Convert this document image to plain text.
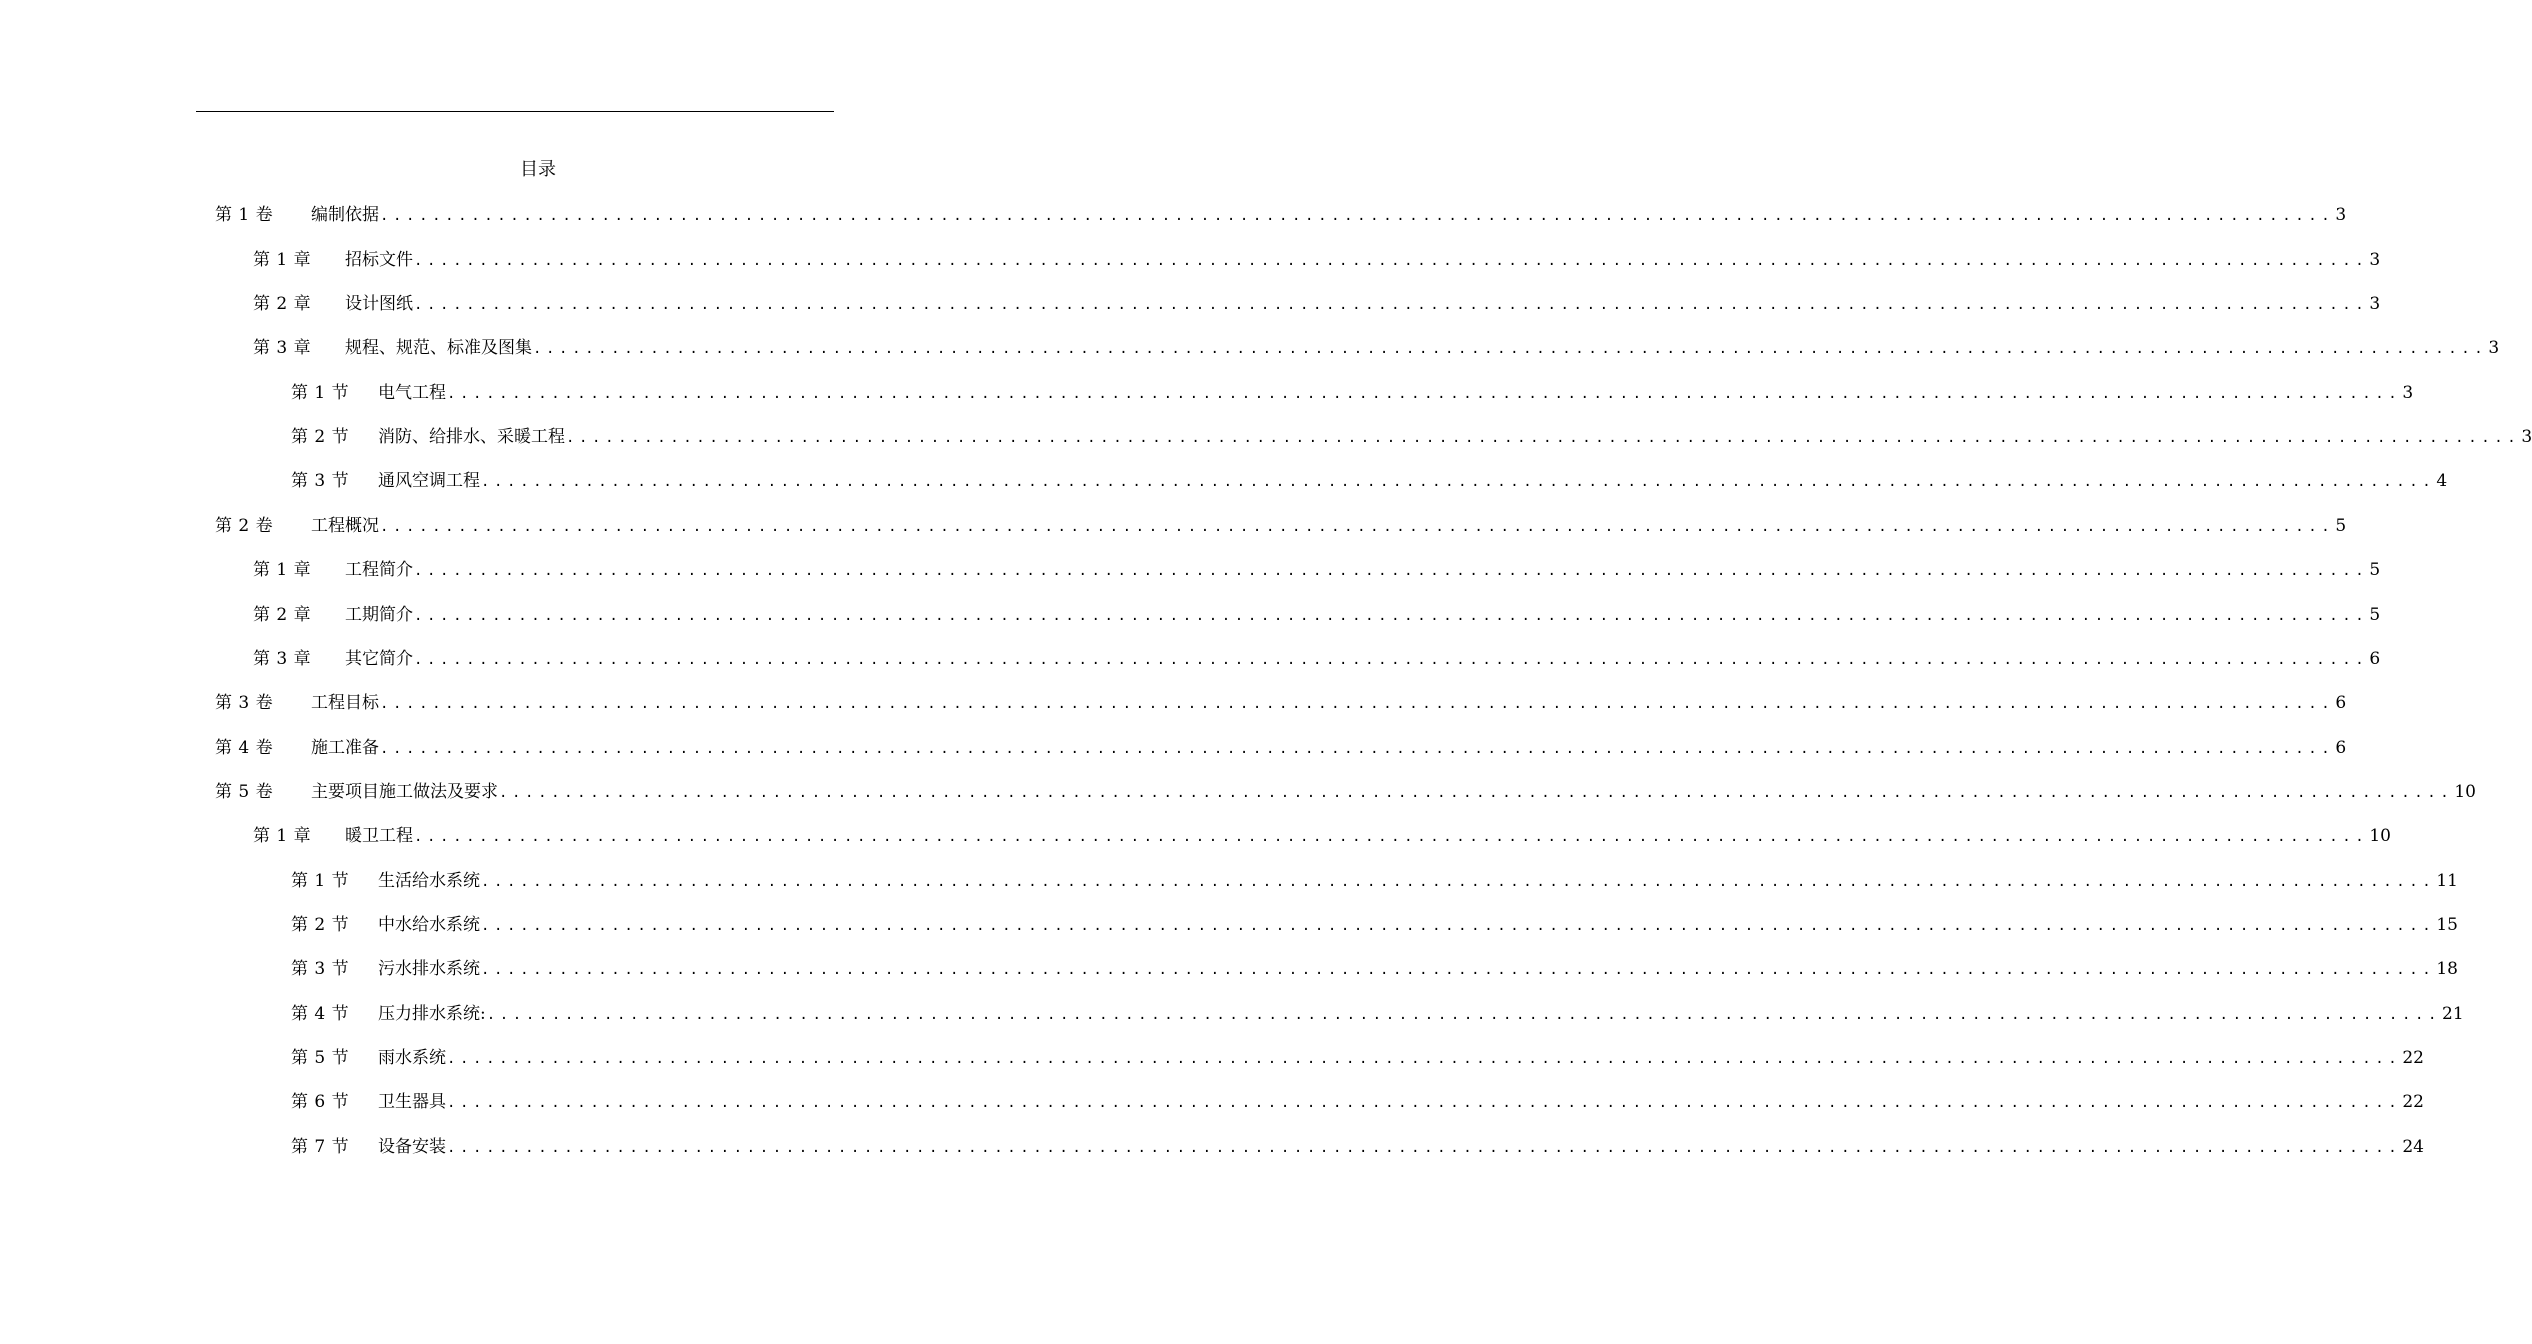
目录
第 1 卷	编制依据 ...................................................................................................................................................... 3
第 1 章	招标文件 ...................................................................................................................................................... 3
第 2 章	设计图纸 ...................................................................................................................................................... 3
第 3 章	规程、规范、标准及图集 ...................................................................................................................................................... 3
第 1 节	电气工程 ...................................................................................................................................................... 3
第 2 节	消防、给排水、采暖工程 ...................................................................................................................................................... 3
第 3 节	通风空调工程 ...................................................................................................................................................... 4
第 2 卷	工程概况 ...................................................................................................................................................... 5
第 1 章	工程简介 ...................................................................................................................................................... 5
第 2 章	工期简介 ...................................................................................................................................................... 5
第 3 章	其它简介 ...................................................................................................................................................... 6
第 3 卷	工程目标 ...................................................................................................................................................... 6
第 4 卷	施工准备 ...................................................................................................................................................... 6
第 5 卷	主要项目施工做法及要求 ...................................................................................................................................................... 10
第 1 章	暖卫工程 ...................................................................................................................................................... 10
第 1 节	生活给水系统 ...................................................................................................................................................... 11
第 2 节	中水给水系统 ...................................................................................................................................................... 15
第 3 节	污水排水系统 ...................................................................................................................................................... 18
第 4 节	压力排水系统: ...................................................................................................................................................... 21
第 5 节	雨水系统 ...................................................................................................................................................... 22
第 6 节	卫生器具 ...................................................................................................................................................... 22
第 7 节	设备安装 ...................................................................................................................................................... 24
